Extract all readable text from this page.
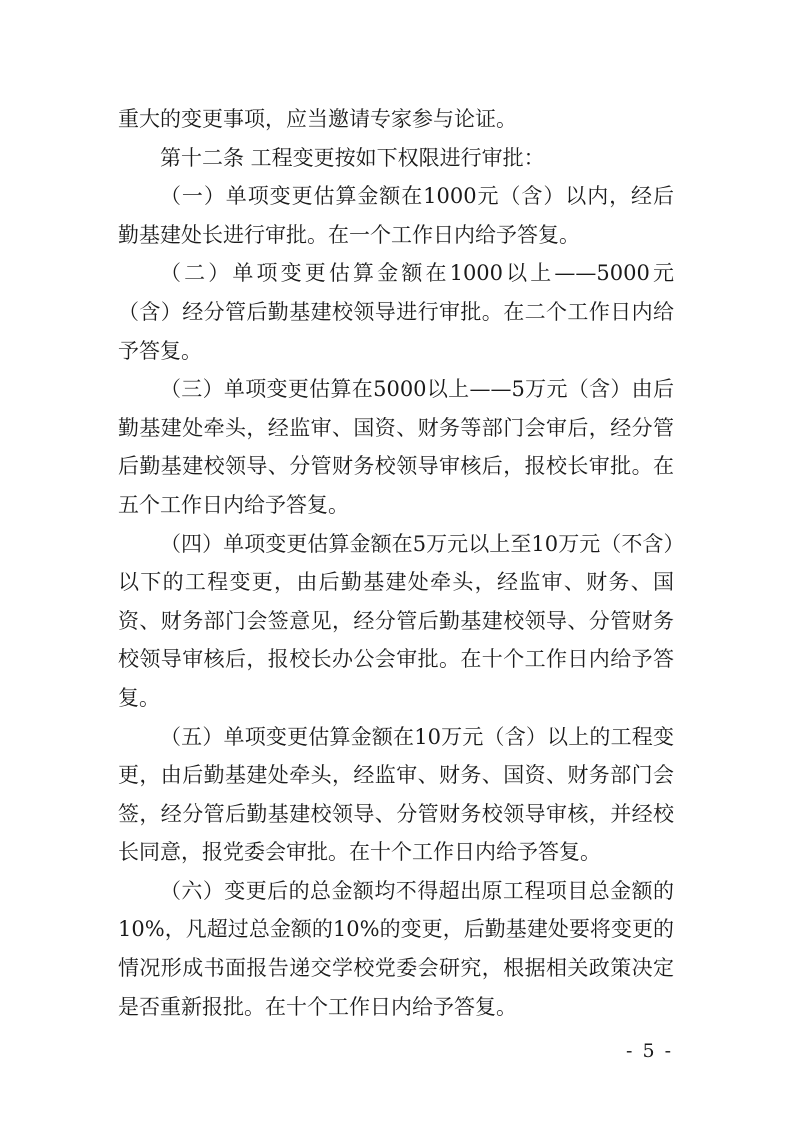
重大的变更事项，应当邀请专家参与论证。

第十二条 工程变更按如下权限进行审批：

（一）单项变更估算金额在1000元（含）以内，经后勤基建处长进行审批。在一个工作日内给予答复。

（二）单项变更估算金额在1000以上——5000元（含）经分管后勤基建校领导进行审批。在二个工作日内给予答复。

（三）单项变更估算在5000以上——5万元（含）由后勤基建处牵头，经监审、国资、财务等部门会审后，经分管后勤基建校领导、分管财务校领导审核后，报校长审批。在五个工作日内给予答复。

（四）单项变更估算金额在5万元以上至10万元（不含）以下的工程变更，由后勤基建处牵头，经监审、财务、国资、财务部门会签意见，经分管后勤基建校领导、分管财务校领导审核后，报校长办公会审批。在十个工作日内给予答复。

（五）单项变更估算金额在10万元（含）以上的工程变更，由后勤基建处牵头，经监审、财务、国资、财务部门会签，经分管后勤基建校领导、分管财务校领导审核，并经校长同意，报党委会审批。在十个工作日内给予答复。

（六）变更后的总金额均不得超出原工程项目总金额的10%，凡超过总金额的10%的变更，后勤基建处要将变更的情况形成书面报告递交学校党委会研究，根据相关政策决定是否重新报批。在十个工作日内给予答复。

- 5 -
